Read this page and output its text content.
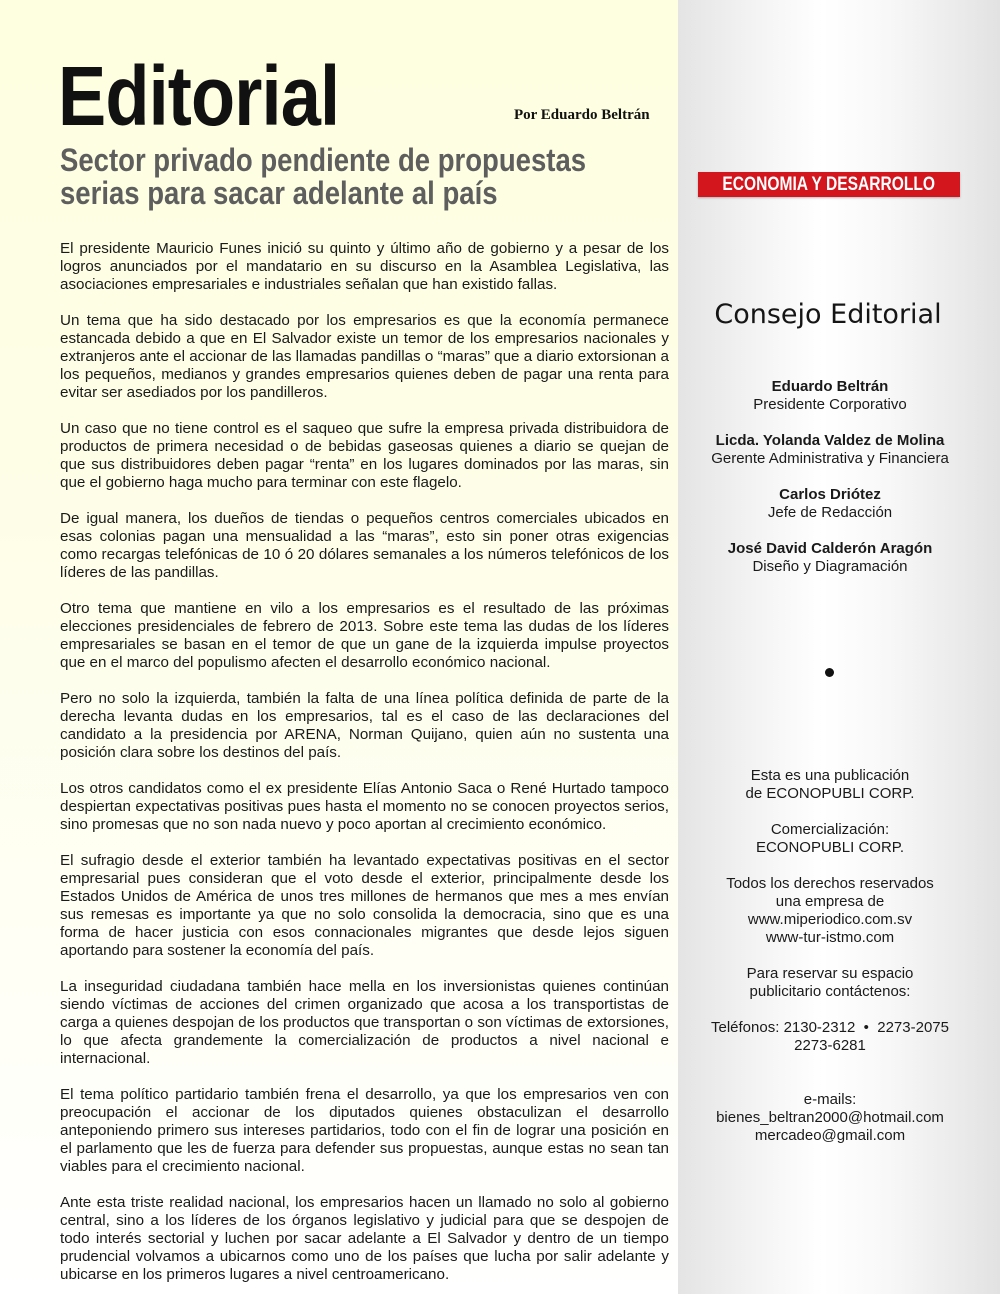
Editorial	Por Eduardo Beltrán

Sector privado pendiente de propuestas serias para sacar adelante al país

El presidente Mauricio Funes inició su quinto y último año de gobierno y a pesar de los logros anunciados por el mandatario en su discurso en la Asamblea Legislativa, las asociaciones empresariales e industriales señalan que han existido fallas.

Un tema que ha sido destacado por los empresarios es que la economía permanece estancada debido a que en El Salvador existe un temor de los empresarios nacionales y extranjeros ante el accionar de las llamadas pandillas o “maras” que a diario extorsionan a los pequeños, medianos y grandes empresarios quienes deben de pagar una renta para evitar ser asediados por los pandilleros.

Un caso que no tiene control es el saqueo que sufre la empresa privada distribuidora de productos de primera necesidad o de bebidas gaseosas quienes a diario se quejan de que sus distribuidores deben pagar “renta” en los lugares dominados por las maras, sin que el gobierno haga mucho para terminar con este flagelo.

De igual manera, los dueños de tiendas o pequeños centros comerciales ubicados en esas colonias pagan una mensualidad a las “maras”, esto sin poner otras exigencias como recargas telefónicas de 10 ó 20 dólares semanales a los números telefónicos de los líderes de las pandillas.

Otro tema que mantiene en vilo a los empresarios es el resultado de las próximas elecciones presidenciales de febrero de 2013. Sobre este tema las dudas de los líderes empresariales se basan en el temor de que un gane de la izquierda impulse proyectos que en el marco del populismo afecten el desarrollo económico nacional.

Pero no solo la izquierda, también la falta de una línea política definida de parte de la derecha levanta dudas en los empresarios, tal es el caso de las declaraciones del candidato a la presidencia por ARENA, Norman Quijano, quien aún no sustenta una posición clara sobre los destinos del país.

Los otros candidatos como el ex presidente Elías Antonio Saca o René Hurtado tampoco despiertan expectativas positivas pues hasta el momento no se conocen proyectos serios, sino promesas que no son nada nuevo y poco aportan al crecimiento económico.

El sufragio desde el exterior también ha levantado expectativas positivas en el sector empresarial pues consideran que el voto desde el exterior, principalmente desde los Estados Unidos de América de unos tres millones de hermanos que mes a mes envían sus remesas es importante ya que no solo consolida la democracia, sino que es una forma de hacer justicia con esos connacionales migrantes que desde lejos siguen aportando para sostener la economía del país.

La inseguridad ciudadana también hace mella en los inversionistas quienes continúan siendo víctimas de acciones del crimen organizado que acosa a los transportistas de carga a quienes despojan de los productos que transportan o son víctimas de extorsiones, lo que afecta grandemente la comercialización de productos a nivel nacional e internacional.

El tema político partidario también frena el desarrollo, ya que los empresarios ven con preocupación el accionar de los diputados quienes obstaculizan el desarrollo anteponiendo primero sus intereses partidarios, todo con el fin de lograr una posición en el parlamento que les de fuerza para defender sus propuestas, aunque estas no sean tan viables para el crecimiento nacional.

Ante esta triste realidad nacional, los empresarios hacen un llamado no solo al gobierno central, sino a los líderes de los órganos legislativo y judicial para que se despojen de todo interés sectorial y luchen por sacar adelante a El Salvador y dentro de un tiempo prudencial volvamos a ubicarnos como uno de los países que lucha por salir adelante y ubicarse en los primeros lugares a nivel centroamericano.

ECONOMIA Y DESARROLLO
Consejo Editorial
Eduardo Beltrán
Presidente Corporativo
Licda. Yolanda Valdez de Molina
Gerente Administrativa y Financiera
Carlos Driótez
Jefe de Redacción
José David Calderón Aragón
Diseño y Diagramación
Esta es una publicación
de ECONOPUBLI CORP.
Comercialización:
ECONOPUBLI CORP.
Todos los derechos reservados
una empresa de
www.miperiodico.com.sv
www-tur-istmo.com
Para reservar su espacio
publicitario contáctenos:
Teléfonos: 2130-2312 • 2273-2075
2273-6281
e-mails:
bienes_beltran2000@hotmail.com
mercadeo@gmail.com
